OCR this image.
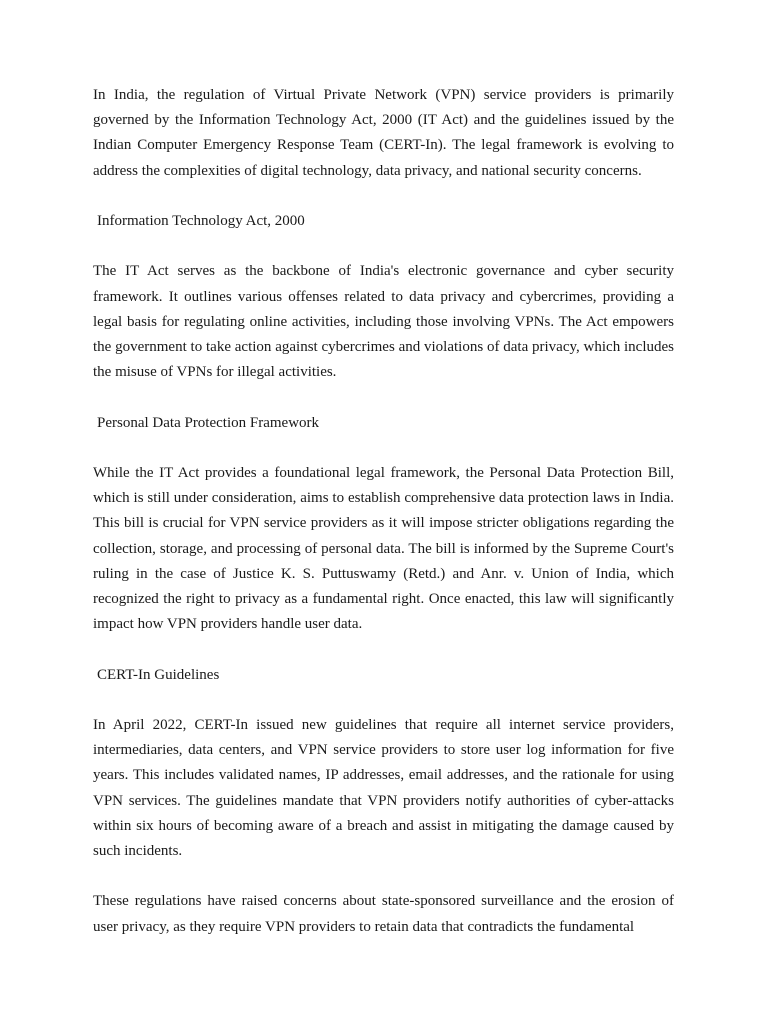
In India, the regulation of Virtual Private Network (VPN) service providers is primarily governed by the Information Technology Act, 2000 (IT Act) and the guidelines issued by the Indian Computer Emergency Response Team (CERT-In). The legal framework is evolving to address the complexities of digital technology, data privacy, and national security concerns.

Information Technology Act, 2000

The IT Act serves as the backbone of India's electronic governance and cyber security framework. It outlines various offenses related to data privacy and cybercrimes, providing a legal basis for regulating online activities, including those involving VPNs. The Act empowers the government to take action against cybercrimes and violations of data privacy, which includes the misuse of VPNs for illegal activities.

Personal Data Protection Framework

While the IT Act provides a foundational legal framework, the Personal Data Protection Bill, which is still under consideration, aims to establish comprehensive data protection laws in India. This bill is crucial for VPN service providers as it will impose stricter obligations regarding the collection, storage, and processing of personal data. The bill is informed by the Supreme Court's ruling in the case of Justice K. S. Puttuswamy (Retd.) and Anr. v. Union of India, which recognized the right to privacy as a fundamental right. Once enacted, this law will significantly impact how VPN providers handle user data.

CERT-In Guidelines

In April 2022, CERT-In issued new guidelines that require all internet service providers, intermediaries, data centers, and VPN service providers to store user log information for five years. This includes validated names, IP addresses, email addresses, and the rationale for using VPN services. The guidelines mandate that VPN providers notify authorities of cyber-attacks within six hours of becoming aware of a breach and assist in mitigating the damage caused by such incidents.

These regulations have raised concerns about state-sponsored surveillance and the erosion of user privacy, as they require VPN providers to retain data that contradicts the fundamental
